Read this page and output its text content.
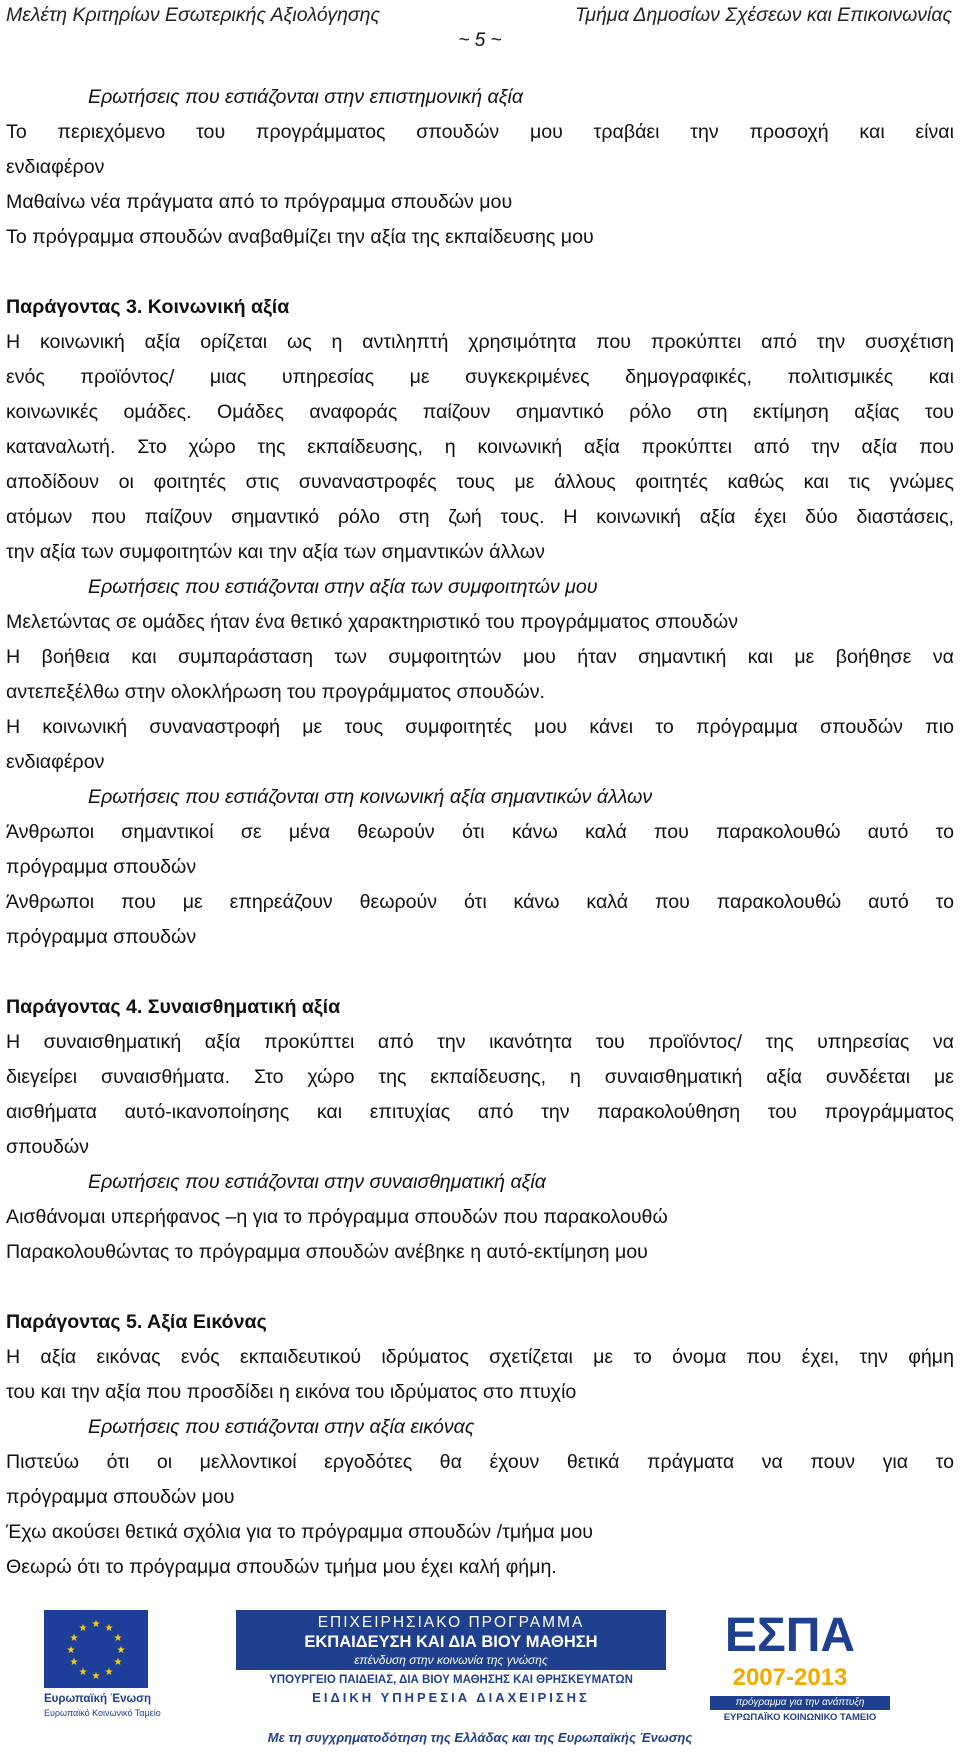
Μελέτη Κριτηρίων Εσωτερικής Αξιολόγησης	Τμήμα Δημοσίων Σχέσεων και Επικοινωνίας
~ 5 ~
Ερωτήσεις που εστιάζονται στην επιστημονική αξία
Το περιεχόμενο του προγράμματος σπουδών μου τραβάει την προσοχή και είναι
ενδιαφέρον
Μαθαίνω νέα πράγματα από το πρόγραμμα σπουδών μου
Το πρόγραμμα σπουδών αναβαθμίζει την αξία της εκπαίδευσης μου
Παράγοντας 3. Κοινωνική αξία
Η κοινωνική αξία ορίζεται ως η αντιληπτή χρησιμότητα που προκύπτει από την συσχέτιση
ενός προϊόντος/ μιας υπηρεσίας με συγκεκριμένες δημογραφικές, πολιτισμικές και
κοινωνικές ομάδες. Ομάδες αναφοράς παίζουν σημαντικό ρόλο στη εκτίμηση αξίας του
καταναλωτή. Στο χώρο της εκπαίδευσης, η κοινωνική αξία προκύπτει από την αξία που
αποδίδουν οι φοιτητές στις συναναστροφές τους με άλλους φοιτητές καθώς και τις γνώμες
ατόμων που παίζουν σημαντικό ρόλο στη ζωή τους. Η κοινωνική αξία έχει δύο διαστάσεις,
την αξία των συμφοιτητών και την αξία των σημαντικών άλλων
Ερωτήσεις που εστιάζονται στην αξία των συμφοιτητών μου
Μελετώντας σε ομάδες ήταν ένα θετικό χαρακτηριστικό του προγράμματος σπουδών
Η βοήθεια και συμπαράσταση των συμφοιτητών μου ήταν σημαντική και με βοήθησε να
αντεπεξέλθω στην ολοκλήρωση του προγράμματος σπουδών.
Η κοινωνική συναναστροφή με τους συμφοιτητές μου κάνει το πρόγραμμα σπουδών πιο
ενδιαφέρον
Ερωτήσεις που εστιάζονται στη κοινωνική αξία σημαντικών άλλων
Άνθρωποι σημαντικοί σε μένα θεωρούν ότι κάνω καλά που παρακολουθώ αυτό το
πρόγραμμα σπουδών
Άνθρωποι που με επηρεάζουν θεωρούν ότι κάνω καλά που παρακολουθώ αυτό το
πρόγραμμα σπουδών
Παράγοντας 4. Συναισθηματική αξία
Η συναισθηματική αξία προκύπτει από την ικανότητα του προϊόντος/ της υπηρεσίας να
διεγείρει συναισθήματα. Στο χώρο της εκπαίδευσης, η συναισθηματική αξία συνδέεται με
αισθήματα αυτό-ικανοποίησης και επιτυχίας από την παρακολούθηση του προγράμματος
σπουδών
Ερωτήσεις που εστιάζονται στην συναισθηματική αξία
Αισθάνομαι υπερήφανος –η για το πρόγραμμα σπουδών που παρακολουθώ
Παρακολουθώντας το πρόγραμμα σπουδών ανέβηκε η αυτό-εκτίμηση μου
Παράγοντας 5. Αξία Εικόνας
Η αξία εικόνας ενός εκπαιδευτικού ιδρύματος σχετίζεται με το όνομα που έχει, την φήμη
του και την αξία που προσδίδει η εικόνα του ιδρύματος στο πτυχίο
Ερωτήσεις που εστιάζονται στην αξία εικόνας
Πιστεύω ότι οι μελλοντικοί εργοδότες θα έχουν θετικά πράγματα να πουν για το
πρόγραμμα σπουδών μου
Έχω ακούσει θετικά σχόλια για το πρόγραμμα σπουδών /τμήμα μου
Θεωρώ ότι το πρόγραμμα σπουδών τμήμα μου έχει καλή φήμη.
★ ★
★
★
★
★
★
★
★
★
★
★
Ευρωπαϊκή Ένωση
Ευρωπαϊκό Κοινωνικό Ταμείο
ΕΠΙΧΕΙΡΗΣΙΑΚΟ ΠΡΟΓΡΑΜΜΑ
ΕΚΠΑΙΔΕΥΣΗ ΚΑΙ ΔΙΑ ΒΙΟΥ ΜΑΘΗΣΗ
επένδυση στην κοινωνία της γνώσης
ΥΠΟΥΡΓΕΙΟ ΠΑΙΔΕΙΑΣ, ΔΙΑ ΒΙΟΥ ΜΑΘΗΣΗΣ ΚΑΙ ΘΡΗΣΚΕΥΜΑΤΩΝ
ΕΙΔΙΚΗ ΥΠΗΡΕΣΙΑ ΔΙΑΧΕΙΡΙΣΗΣ
ΕΣΠΑ
2007-2013
πρόγραμμα για την ανάπτυξη
ΕΥΡΩΠΑΪΚΟ ΚΟΙΝΩΝΙΚΟ ΤΑΜΕΙΟ
Με τη συγχρηματοδότηση της Ελλάδας και της Ευρωπαϊκής Ένωσης
